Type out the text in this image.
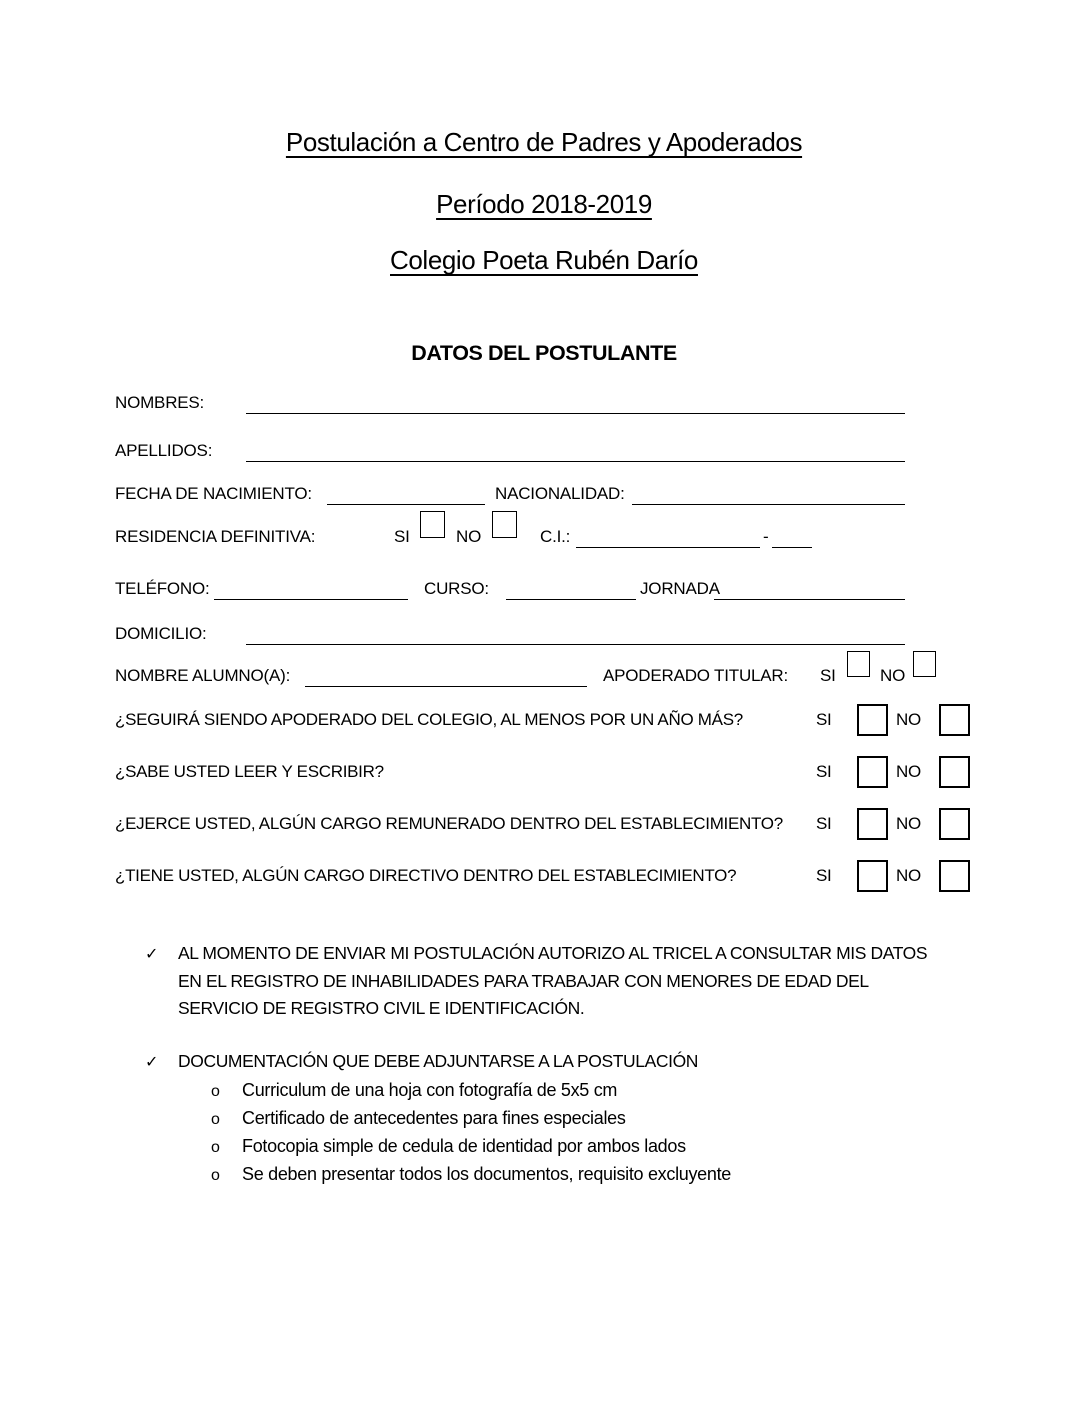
Postulación a Centro de Padres y Apoderados
Período 2018-2019
Colegio Poeta Rubén Darío
DATOS DEL POSTULANTE
NOMBRES:
APELLIDOS:
FECHA DE NACIMIENTO:	NACIONALIDAD:
RESIDENCIA DEFINITIVA:	SI	NO	C.I.:	-
TELÉFONO:	CURSO:	JORNADA
DOMICILIO:
NOMBRE ALUMNO(A):	APODERADO TITULAR: SI	NO
¿SEGUIRÁ SIENDO APODERADO DEL COLEGIO, AL MENOS POR UN AÑO MÁS?	SI	NO
¿SABE USTED LEER Y ESCRIBIR?	SI	NO
¿EJERCE USTED, ALGÚN CARGO REMUNERADO DENTRO DEL ESTABLECIMIENTO? SI	NO
¿TIENE USTED, ALGÚN CARGO DIRECTIVO DENTRO DEL ESTABLECIMIENTO?	SI	NO
✓ AL MOMENTO DE ENVIAR MI POSTULACIÓN AUTORIZO AL TRICEL A CONSULTAR MIS DATOS EN EL REGISTRO DE INHABILIDADES PARA TRABAJAR CON MENORES DE EDAD DEL SERVICIO DE REGISTRO CIVIL E IDENTIFICACIÓN.
✓ DOCUMENTACIÓN QUE DEBE ADJUNTARSE A LA POSTULACIÓN
o Curriculum de una hoja con fotografía de 5x5 cm
o Certificado de antecedentes para fines especiales
o Fotocopia simple de cedula de identidad por ambos lados
o Se deben presentar todos los documentos, requisito excluyente
